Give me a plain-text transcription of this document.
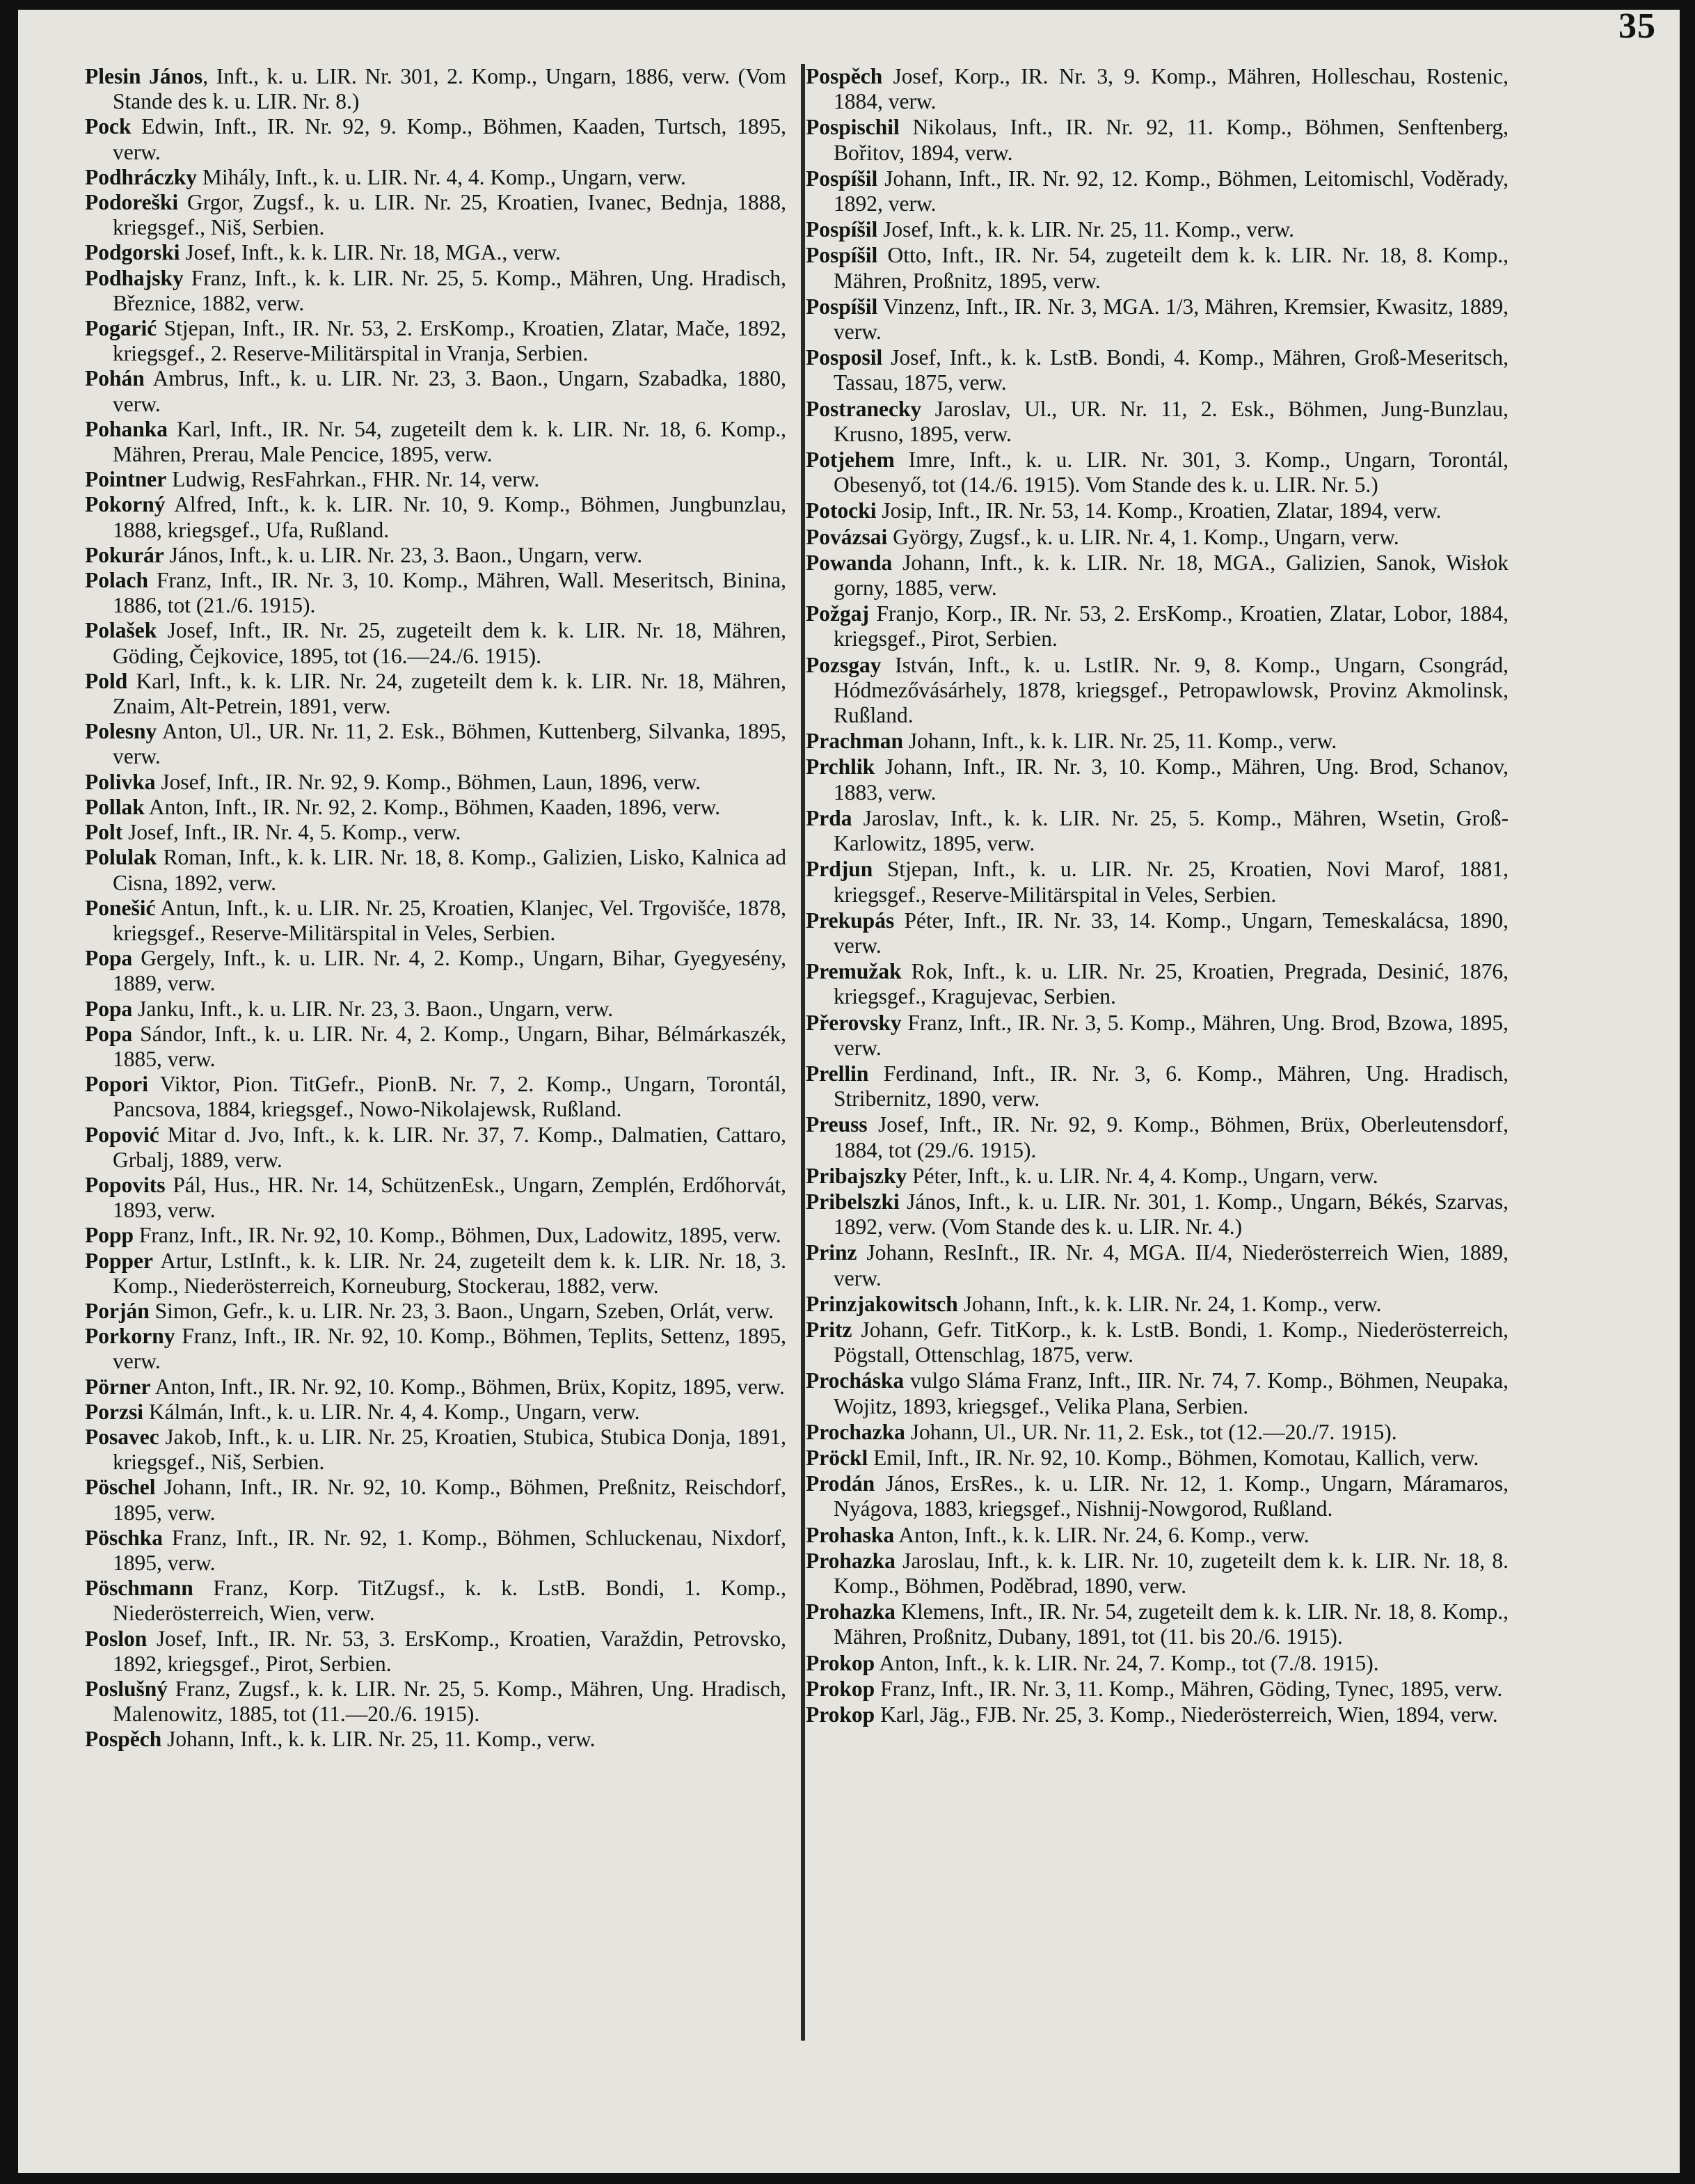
35

Plesin János, Inft., k. u. LIR. Nr. 301, 2. Komp., Ungarn, 1886, verw. (Vom Stande des k. u. LIR. Nr. 8.)

Pock Edwin, Inft., IR. Nr. 92, 9. Komp., Böhmen, Kaaden, Turtsch, 1895, verw.

Podhráczky Mihály, Inft., k. u. LIR. Nr. 4, 4. Komp., Ungarn, verw.

Podoreški Grgor, Zugsf., k. u. LIR. Nr. 25, Kroatien, Ivanec, Bednja, 1888, kriegsgef., Niš, Serbien.

Podgorski Josef, Inft., k. k. LIR. Nr. 18, MGA., verw.

Podhajsky Franz, Inft., k. k. LIR. Nr. 25, 5. Komp., Mähren, Ung. Hradisch, Březnice, 1882, verw.

Pogarić Stjepan, Inft., IR. Nr. 53, 2. ErsKomp., Kroatien, Zlatar, Mače, 1892, kriegsgef., 2. Reserve-Militärspital in Vranja, Serbien.

Pohán Ambrus, Inft., k. u. LIR. Nr. 23, 3. Baon., Ungarn, Szabadka, 1880, verw.

Pohanka Karl, Inft., IR. Nr. 54, zugeteilt dem k. k. LIR. Nr. 18, 6. Komp., Mähren, Prerau, Male Pencice, 1895, verw.

Pointner Ludwig, ResFahrkan., FHR. Nr. 14, verw.

Pokorný Alfred, Inft., k. k. LIR. Nr. 10, 9. Komp., Böhmen, Jungbunzlau, 1888, kriegsgef., Ufa, Rußland.

Pokurár János, Inft., k. u. LIR. Nr. 23, 3. Baon., Ungarn, verw.

Polach Franz, Inft., IR. Nr. 3, 10. Komp., Mähren, Wall. Meseritsch, Binina, 1886, tot (21./6. 1915).

Polašek Josef, Inft., IR. Nr. 25, zugeteilt dem k. k. LIR. Nr. 18, Mähren, Göding, Čejkovice, 1895, tot (16.—24./6. 1915).

Pold Karl, Inft., k. k. LIR. Nr. 24, zugeteilt dem k. k. LIR. Nr. 18, Mähren, Znaim, Alt-Petrein, 1891, verw.

Polesny Anton, Ul., UR. Nr. 11, 2. Esk., Böhmen, Kuttenberg, Silvanka, 1895, verw.

Polivka Josef, Inft., IR. Nr. 92, 9. Komp., Böhmen, Laun, 1896, verw.

Pollak Anton, Inft., IR. Nr. 92, 2. Komp., Böhmen, Kaaden, 1896, verw.

Polt Josef, Inft., IR. Nr. 4, 5. Komp., verw.

Polulak Roman, Inft., k. k. LIR. Nr. 18, 8. Komp., Galizien, Lisko, Kalnica ad Cisna, 1892, verw.

Ponešić Antun, Inft., k. u. LIR. Nr. 25, Kroatien, Klanjec, Vel. Trgovišće, 1878, kriegsgef., Reserve-Militärspital in Veles, Serbien.

Popa Gergely, Inft., k. u. LIR. Nr. 4, 2. Komp., Ungarn, Bihar, Gyegyesény, 1889, verw.

Popa Janku, Inft., k. u. LIR. Nr. 23, 3. Baon., Ungarn, verw.

Popa Sándor, Inft., k. u. LIR. Nr. 4, 2. Komp., Ungarn, Bihar, Bélmárkaszék, 1885, verw.

Popori Viktor, Pion. TitGefr., PionB. Nr. 7, 2. Komp., Ungarn, Torontál, Pancsova, 1884, kriegsgef., Nowo-Nikolajewsk, Rußland.

Popović Mitar d. Jvo, Inft., k. k. LIR. Nr. 37, 7. Komp., Dalmatien, Cattaro, Grbalj, 1889, verw.

Popovits Pál, Hus., HR. Nr. 14, SchützenEsk., Ungarn, Zemplén, Erdőhorvát, 1893, verw.

Popp Franz, Inft., IR. Nr. 92, 10. Komp., Böhmen, Dux, Ladowitz, 1895, verw.

Popper Artur, LstInft., k. k. LIR. Nr. 24, zugeteilt dem k. k. LIR. Nr. 18, 3. Komp., Niederösterreich, Korneuburg, Stockerau, 1882, verw.

Porján Simon, Gefr., k. u. LIR. Nr. 23, 3. Baon., Ungarn, Szeben, Orlát, verw.

Porkorny Franz, Inft., IR. Nr. 92, 10. Komp., Böhmen, Teplits, Settenz, 1895, verw.

Pörner Anton, Inft., IR. Nr. 92, 10. Komp., Böhmen, Brüx, Kopitz, 1895, verw.

Porzsi Kálmán, Inft., k. u. LIR. Nr. 4, 4. Komp., Ungarn, verw.

Posavec Jakob, Inft., k. u. LIR. Nr. 25, Kroatien, Stubica, Stubica Donja, 1891, kriegsgef., Niš, Serbien.

Pöschel Johann, Inft., IR. Nr. 92, 10. Komp., Böhmen, Preßnitz, Reischdorf, 1895, verw.

Pöschka Franz, Inft., IR. Nr. 92, 1. Komp., Böhmen, Schluckenau, Nixdorf, 1895, verw.

Pöschmann Franz, Korp. TitZugsf., k. k. LstB. Bondi, 1. Komp., Niederösterreich, Wien, verw.

Poslon Josef, Inft., IR. Nr. 53, 3. ErsKomp., Kroatien, Varaždin, Petrovsko, 1892, kriegsgef., Pirot, Serbien.

Poslušný Franz, Zugsf., k. k. LIR. Nr. 25, 5. Komp., Mähren, Ung. Hradisch, Malenowitz, 1885, tot (11.—20./6. 1915).

Pospěch Johann, Inft., k. k. LIR. Nr. 25, 11. Komp., verw.

Pospěch Josef, Korp., IR. Nr. 3, 9. Komp., Mähren, Holleschau, Rostenic, 1884, verw.

Pospischil Nikolaus, Inft., IR. Nr. 92, 11. Komp., Böhmen, Senftenberg, Bořitov, 1894, verw.

Pospíšil Johann, Inft., IR. Nr. 92, 12. Komp., Böhmen, Leitomischl, Voděrady, 1892, verw.

Pospíšil Josef, Inft., k. k. LIR. Nr. 25, 11. Komp., verw.

Pospíšil Otto, Inft., IR. Nr. 54, zugeteilt dem k. k. LIR. Nr. 18, 8. Komp., Mähren, Proßnitz, 1895, verw.

Pospíšil Vinzenz, Inft., IR. Nr. 3, MGA. 1/3, Mähren, Kremsier, Kwasitz, 1889, verw.

Posposil Josef, Inft., k. k. LstB. Bondi, 4. Komp., Mähren, Groß-Meseritsch, Tassau, 1875, verw.

Postranecky Jaroslav, Ul., UR. Nr. 11, 2. Esk., Böhmen, Jung-Bunzlau, Krusno, 1895, verw.

Potjehem Imre, Inft., k. u. LIR. Nr. 301, 3. Komp., Ungarn, Torontál, Obesenyő, tot (14./6. 1915). Vom Stande des k. u. LIR. Nr. 5.)

Potocki Josip, Inft., IR. Nr. 53, 14. Komp., Kroatien, Zlatar, 1894, verw.

Povázsai György, Zugsf., k. u. LIR. Nr. 4, 1. Komp., Ungarn, verw.

Powanda Johann, Inft., k. k. LIR. Nr. 18, MGA., Galizien, Sanok, Wisłok gorny, 1885, verw.

Požgaj Franjo, Korp., IR. Nr. 53, 2. ErsKomp., Kroatien, Zlatar, Lobor, 1884, kriegsgef., Pirot, Serbien.

Pozsgay István, Inft., k. u. LstIR. Nr. 9, 8. Komp., Ungarn, Csongrád, Hódmezővásárhely, 1878, kriegsgef., Petropawlowsk, Provinz Akmolinsk, Rußland.

Prachman Johann, Inft., k. k. LIR. Nr. 25, 11. Komp., verw.

Prchlik Johann, Inft., IR. Nr. 3, 10. Komp., Mähren, Ung. Brod, Schanov, 1883, verw.

Prda Jaroslav, Inft., k. k. LIR. Nr. 25, 5. Komp., Mähren, Wsetin, Groß-Karlowitz, 1895, verw.

Prdjun Stjepan, Inft., k. u. LIR. Nr. 25, Kroatien, Novi Marof, 1881, kriegsgef., Reserve-Militärspital in Veles, Serbien.

Prekupás Péter, Inft., IR. Nr. 33, 14. Komp., Ungarn, Temeskalácsa, 1890, verw.

Premužak Rok, Inft., k. u. LIR. Nr. 25, Kroatien, Pregrada, Desinić, 1876, kriegsgef., Kragujevac, Serbien.

Přerovsky Franz, Inft., IR. Nr. 3, 5. Komp., Mähren, Ung. Brod, Bzowa, 1895, verw.

Prellin Ferdinand, Inft., IR. Nr. 3, 6. Komp., Mähren, Ung. Hradisch, Stribernitz, 1890, verw.

Preuss Josef, Inft., IR. Nr. 92, 9. Komp., Böhmen, Brüx, Oberleutensdorf, 1884, tot (29./6. 1915).

Pribajszky Péter, Inft., k. u. LIR. Nr. 4, 4. Komp., Ungarn, verw.

Pribelszki János, Inft., k. u. LIR. Nr. 301, 1. Komp., Ungarn, Békés, Szarvas, 1892, verw. (Vom Stande des k. u. LIR. Nr. 4.)

Prinz Johann, ResInft., IR. Nr. 4, MGA. II/4, Niederösterreich Wien, 1889, verw.

Prinzjakowitsch Johann, Inft., k. k. LIR. Nr. 24, 1. Komp., verw.

Pritz Johann, Gefr. TitKorp., k. k. LstB. Bondi, 1. Komp., Niederösterreich, Pögstall, Ottenschlag, 1875, verw.

Procháska vulgo Sláma Franz, Inft., IIR. Nr. 74, 7. Komp., Böhmen, Neupaka, Wojitz, 1893, kriegsgef., Velika Plana, Serbien.

Prochazka Johann, Ul., UR. Nr. 11, 2. Esk., tot (12.—20./7. 1915).

Pröckl Emil, Inft., IR. Nr. 92, 10. Komp., Böhmen, Komotau, Kallich, verw.

Prodán János, ErsRes., k. u. LIR. Nr. 12, 1. Komp., Ungarn, Máramaros, Nyágova, 1883, kriegsgef., Nishnij-Nowgorod, Rußland.

Prohaska Anton, Inft., k. k. LIR. Nr. 24, 6. Komp., verw.

Prohazka Jaroslau, Inft., k. k. LIR. Nr. 10, zugeteilt dem k. k. LIR. Nr. 18, 8. Komp., Böhmen, Poděbrad, 1890, verw.

Prohazka Klemens, Inft., IR. Nr. 54, zugeteilt dem k. k. LIR. Nr. 18, 8. Komp., Mähren, Proßnitz, Dubany, 1891, tot (11. bis 20./6. 1915).

Prokop Anton, Inft., k. k. LIR. Nr. 24, 7. Komp., tot (7./8. 1915).

Prokop Franz, Inft., IR. Nr. 3, 11. Komp., Mähren, Göding, Tynec, 1895, verw.

Prokop Karl, Jäg., FJB. Nr. 25, 3. Komp., Niederösterreich, Wien, 1894, verw.
